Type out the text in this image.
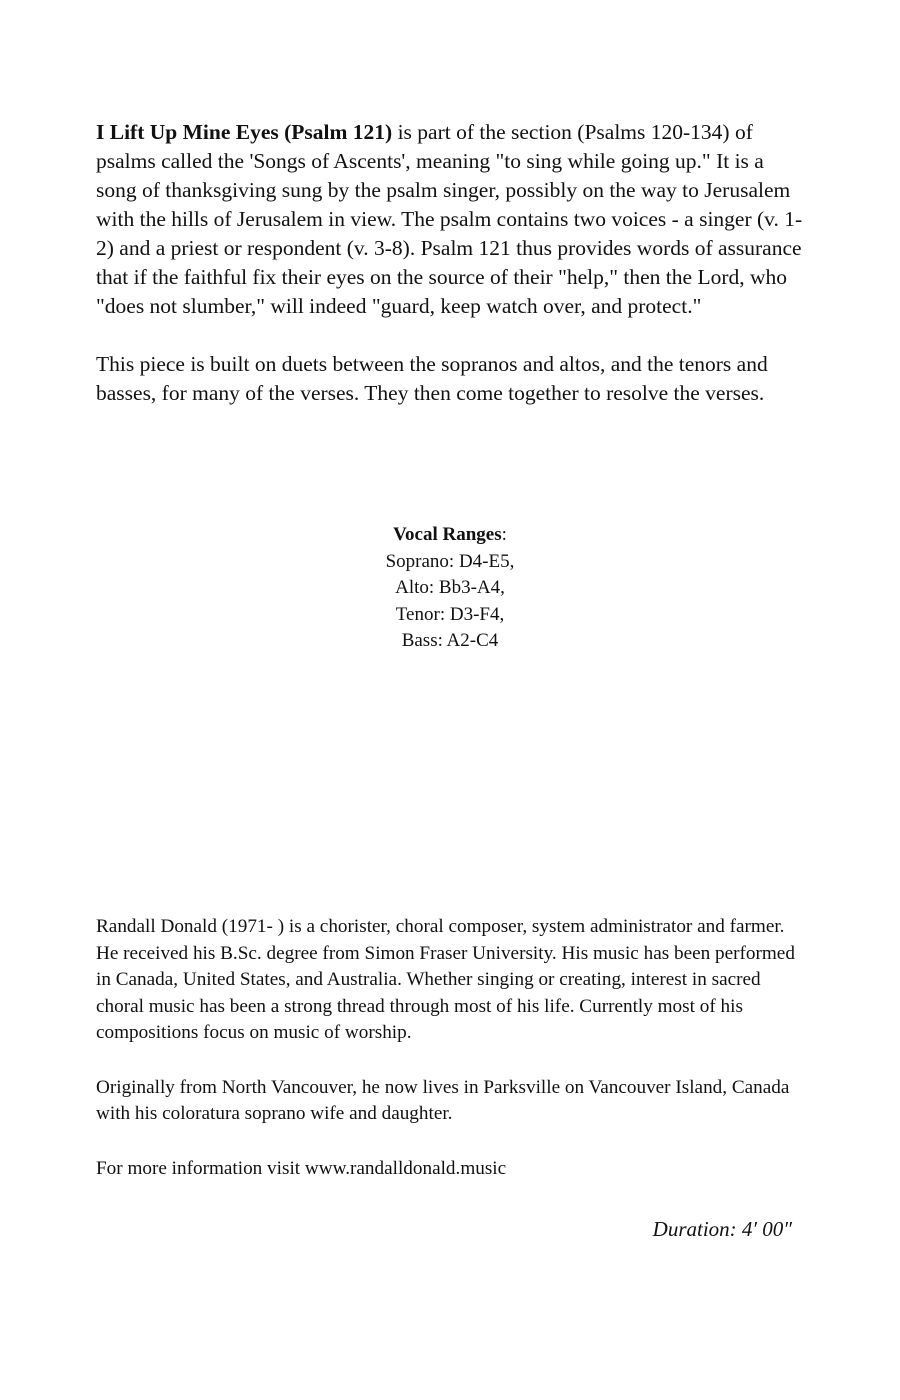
I Lift Up Mine Eyes (Psalm 121) is part of the section (Psalms 120-134) of psalms called the 'Songs of Ascents', meaning "to sing while going up." It is a song of thanksgiving sung by the psalm singer, possibly on the way to Jerusalem with the hills of Jerusalem in view. The psalm contains two voices - a singer (v. 1-2) and a priest or respondent (v. 3-8). Psalm 121 thus provides words of assurance that if the faithful fix their eyes on the source of their "help," then the Lord, who "does not slumber," will indeed "guard, keep watch over, and protect."

This piece is built on duets between the sopranos and altos, and the tenors and basses, for many of the verses. They then come together to resolve the verses.

Vocal Ranges:
Soprano: D4-E5,
Alto: Bb3-A4,
Tenor: D3-F4,
Bass: A2-C4

Randall Donald (1971- ) is a chorister, choral composer, system administrator and farmer. He received his B.Sc. degree from Simon Fraser University. His music has been performed in Canada, United States, and Australia. Whether singing or creating, interest in sacred choral music has been a strong thread through most of his life. Currently most of his compositions focus on music of worship.

Originally from North Vancouver, he now lives in Parksville on Vancouver Island, Canada with his coloratura soprano wife and daughter.

For more information visit www.randalldonald.music

Duration: 4′ 00″
